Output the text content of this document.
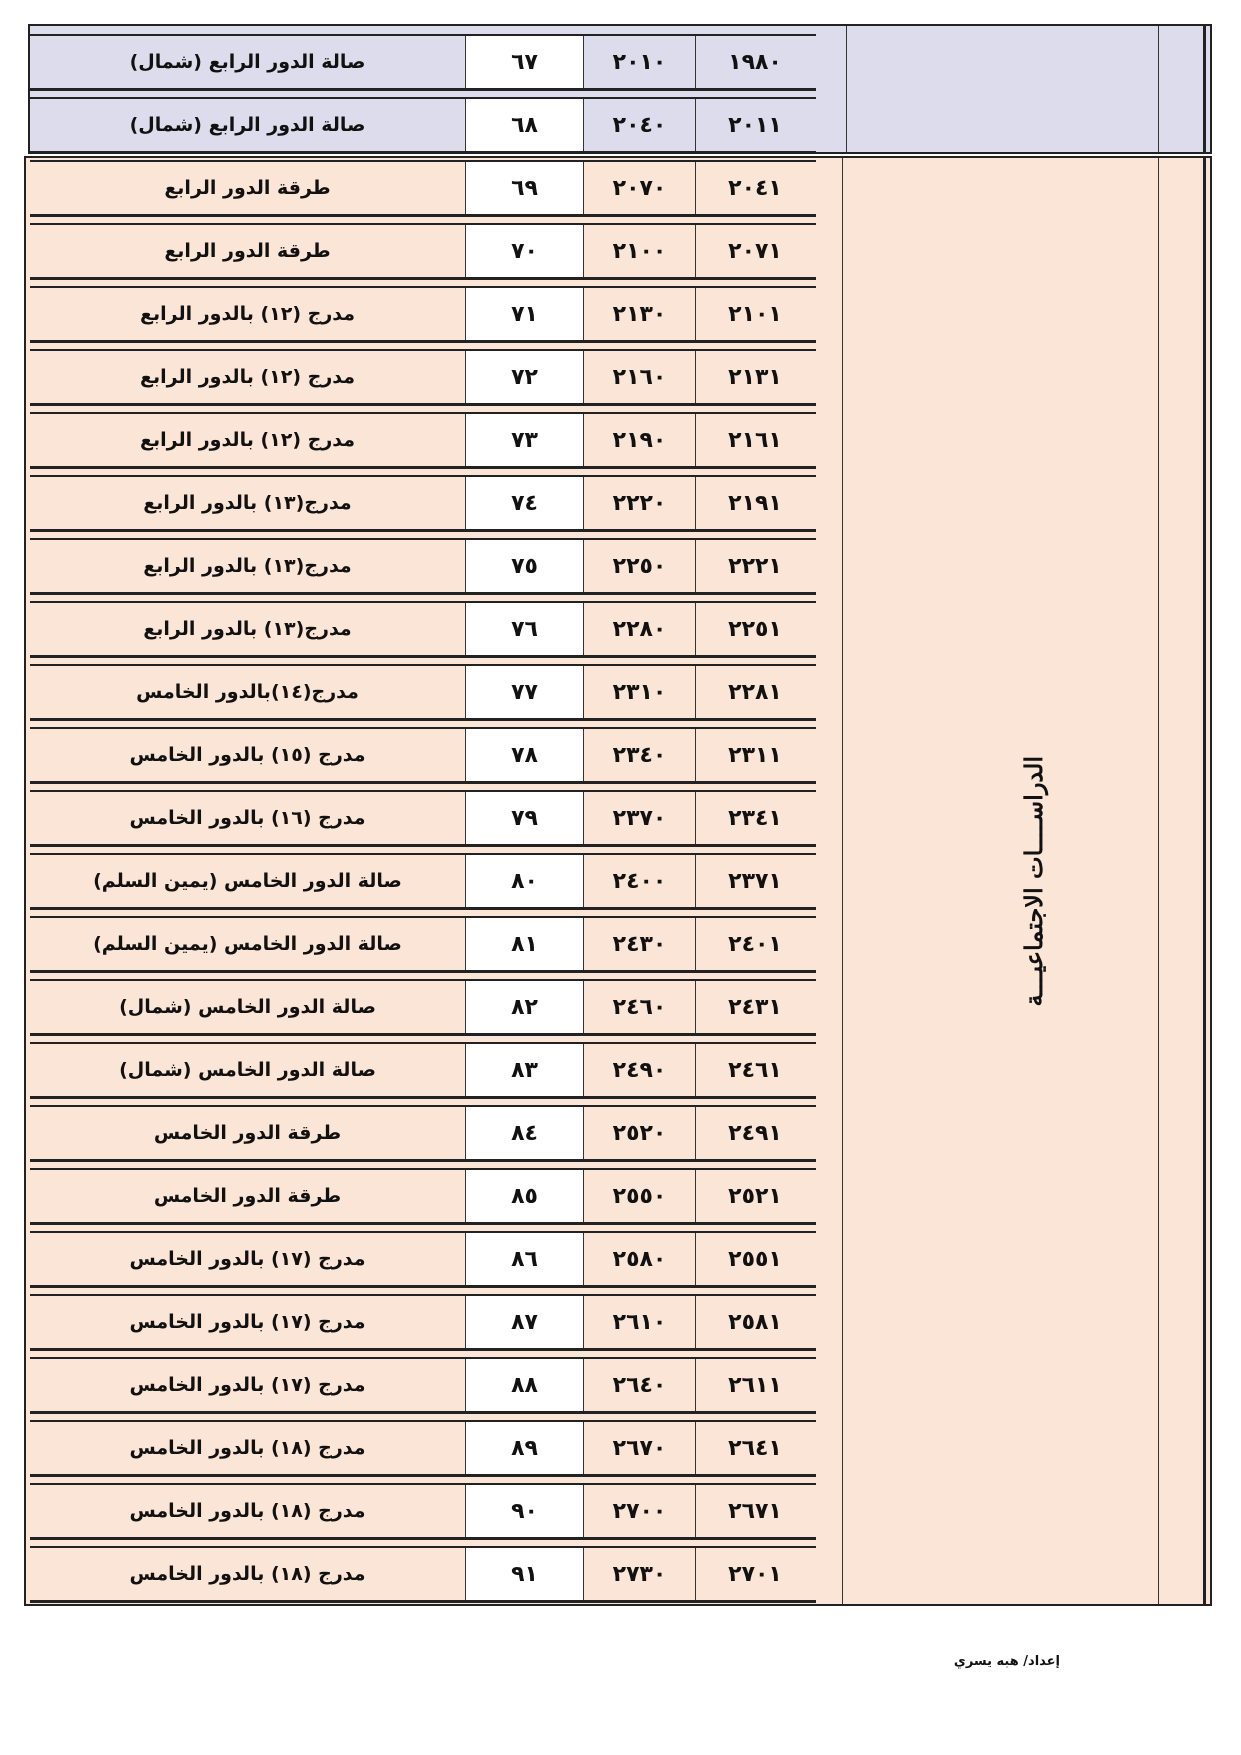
الدراســــات الاجتماعيـــة
صالة الدور الرابع (شمال)	٦٧	٢٠١٠	١٩٨٠
صالة الدور الرابع (شمال)	٦٨	٢٠٤٠	٢٠١١
طرقة الدور الرابع	٦٩	٢٠٧٠	٢٠٤١
طرقة الدور الرابع	٧٠	٢١٠٠	٢٠٧١
مدرج (١٢) بالدور الرابع	٧١	٢١٣٠	٢١٠١
مدرج (١٢) بالدور الرابع	٧٢	٢١٦٠	٢١٣١
مدرج (١٢) بالدور الرابع	٧٣	٢١٩٠	٢١٦١
مدرج(١٣) بالدور الرابع	٧٤	٢٢٢٠	٢١٩١
مدرج(١٣) بالدور الرابع	٧٥	٢٢٥٠	٢٢٢١
مدرج(١٣) بالدور الرابع	٧٦	٢٢٨٠	٢٢٥١
مدرج(١٤)بالدور الخامس	٧٧	٢٣١٠	٢٢٨١
مدرج (١٥) بالدور الخامس	٧٨	٢٣٤٠	٢٣١١
مدرج (١٦) بالدور الخامس	٧٩	٢٣٧٠	٢٣٤١
صالة الدور الخامس (يمين السلم)	٨٠	٢٤٠٠	٢٣٧١
صالة الدور الخامس (يمين السلم)	٨١	٢٤٣٠	٢٤٠١
صالة الدور الخامس (شمال)	٨٢	٢٤٦٠	٢٤٣١
صالة الدور الخامس (شمال)	٨٣	٢٤٩٠	٢٤٦١
طرقة الدور الخامس	٨٤	٢٥٢٠	٢٤٩١
طرقة الدور الخامس	٨٥	٢٥٥٠	٢٥٢١
مدرج (١٧) بالدور الخامس	٨٦	٢٥٨٠	٢٥٥١
مدرج (١٧) بالدور الخامس	٨٧	٢٦١٠	٢٥٨١
مدرج (١٧) بالدور الخامس	٨٨	٢٦٤٠	٢٦١١
مدرج (١٨) بالدور الخامس	٨٩	٢٦٧٠	٢٦٤١
مدرج (١٨) بالدور الخامس	٩٠	٢٧٠٠	٢٦٧١
مدرج (١٨) بالدور الخامس	٩١	٢٧٣٠	٢٧٠١
إعداد/ هبه يسري
